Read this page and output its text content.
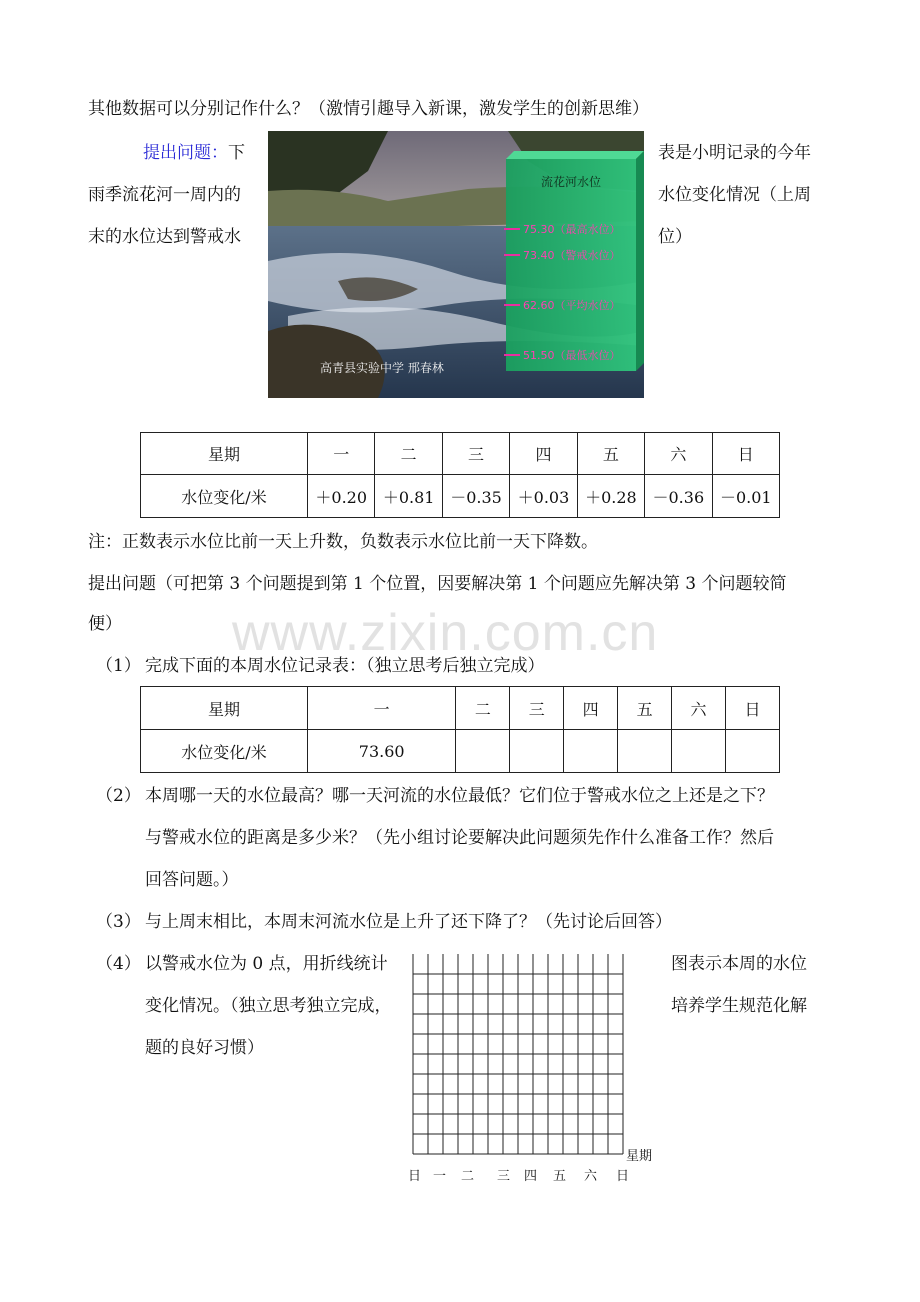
其他数据可以分别记作什么？（激情引趣导入新课，激发学生的创新思维）
提出问题：下
雨季流花河一周内的
末的水位达到警戒水
表是小明记录的今年
水位变化情况（上周
位）
流花河水位
75.30（最高水位）
73.40（警戒水位）
62.60（平均水位）
51.50（最低水位）
高青县实验中学 邢春林
星期	一	二	三	四	五	六	日
水位变化/米	＋0.20	＋0.81	－0.35	＋0.03	＋0.28	－0.36	－0.01
注：正数表示水位比前一天上升数，负数表示水位比前一天下降数。
提出问题（可把第 3 个问题提到第 1 个位置，因要解决第 1 个问题应先解决第 3 个问题较简
便） www.zixin.com.cn
（1） 完成下面的本周水位记录表：（独立思考后独立完成）
星期	一	二	三	四	五	六	日
水位变化/米	73.60						
（2） 本周哪一天的水位最高？哪一天河流的水位最低？它们位于警戒水位之上还是之下？
与警戒水位的距离是多少米？（先小组讨论要解决此问题须先作什么准备工作？然后
回答问题。）
（3） 与上周末相比，本周末河流水位是上升了还下降了？（先讨论后回答）
（4） 以警戒水位为 0 点，用折线统计
变化情况。（独立思考独立完成，
题的良好习惯）
图表示本周的水位
培养学生规范化解
星期
日 一 二 三 四 五 六 日
